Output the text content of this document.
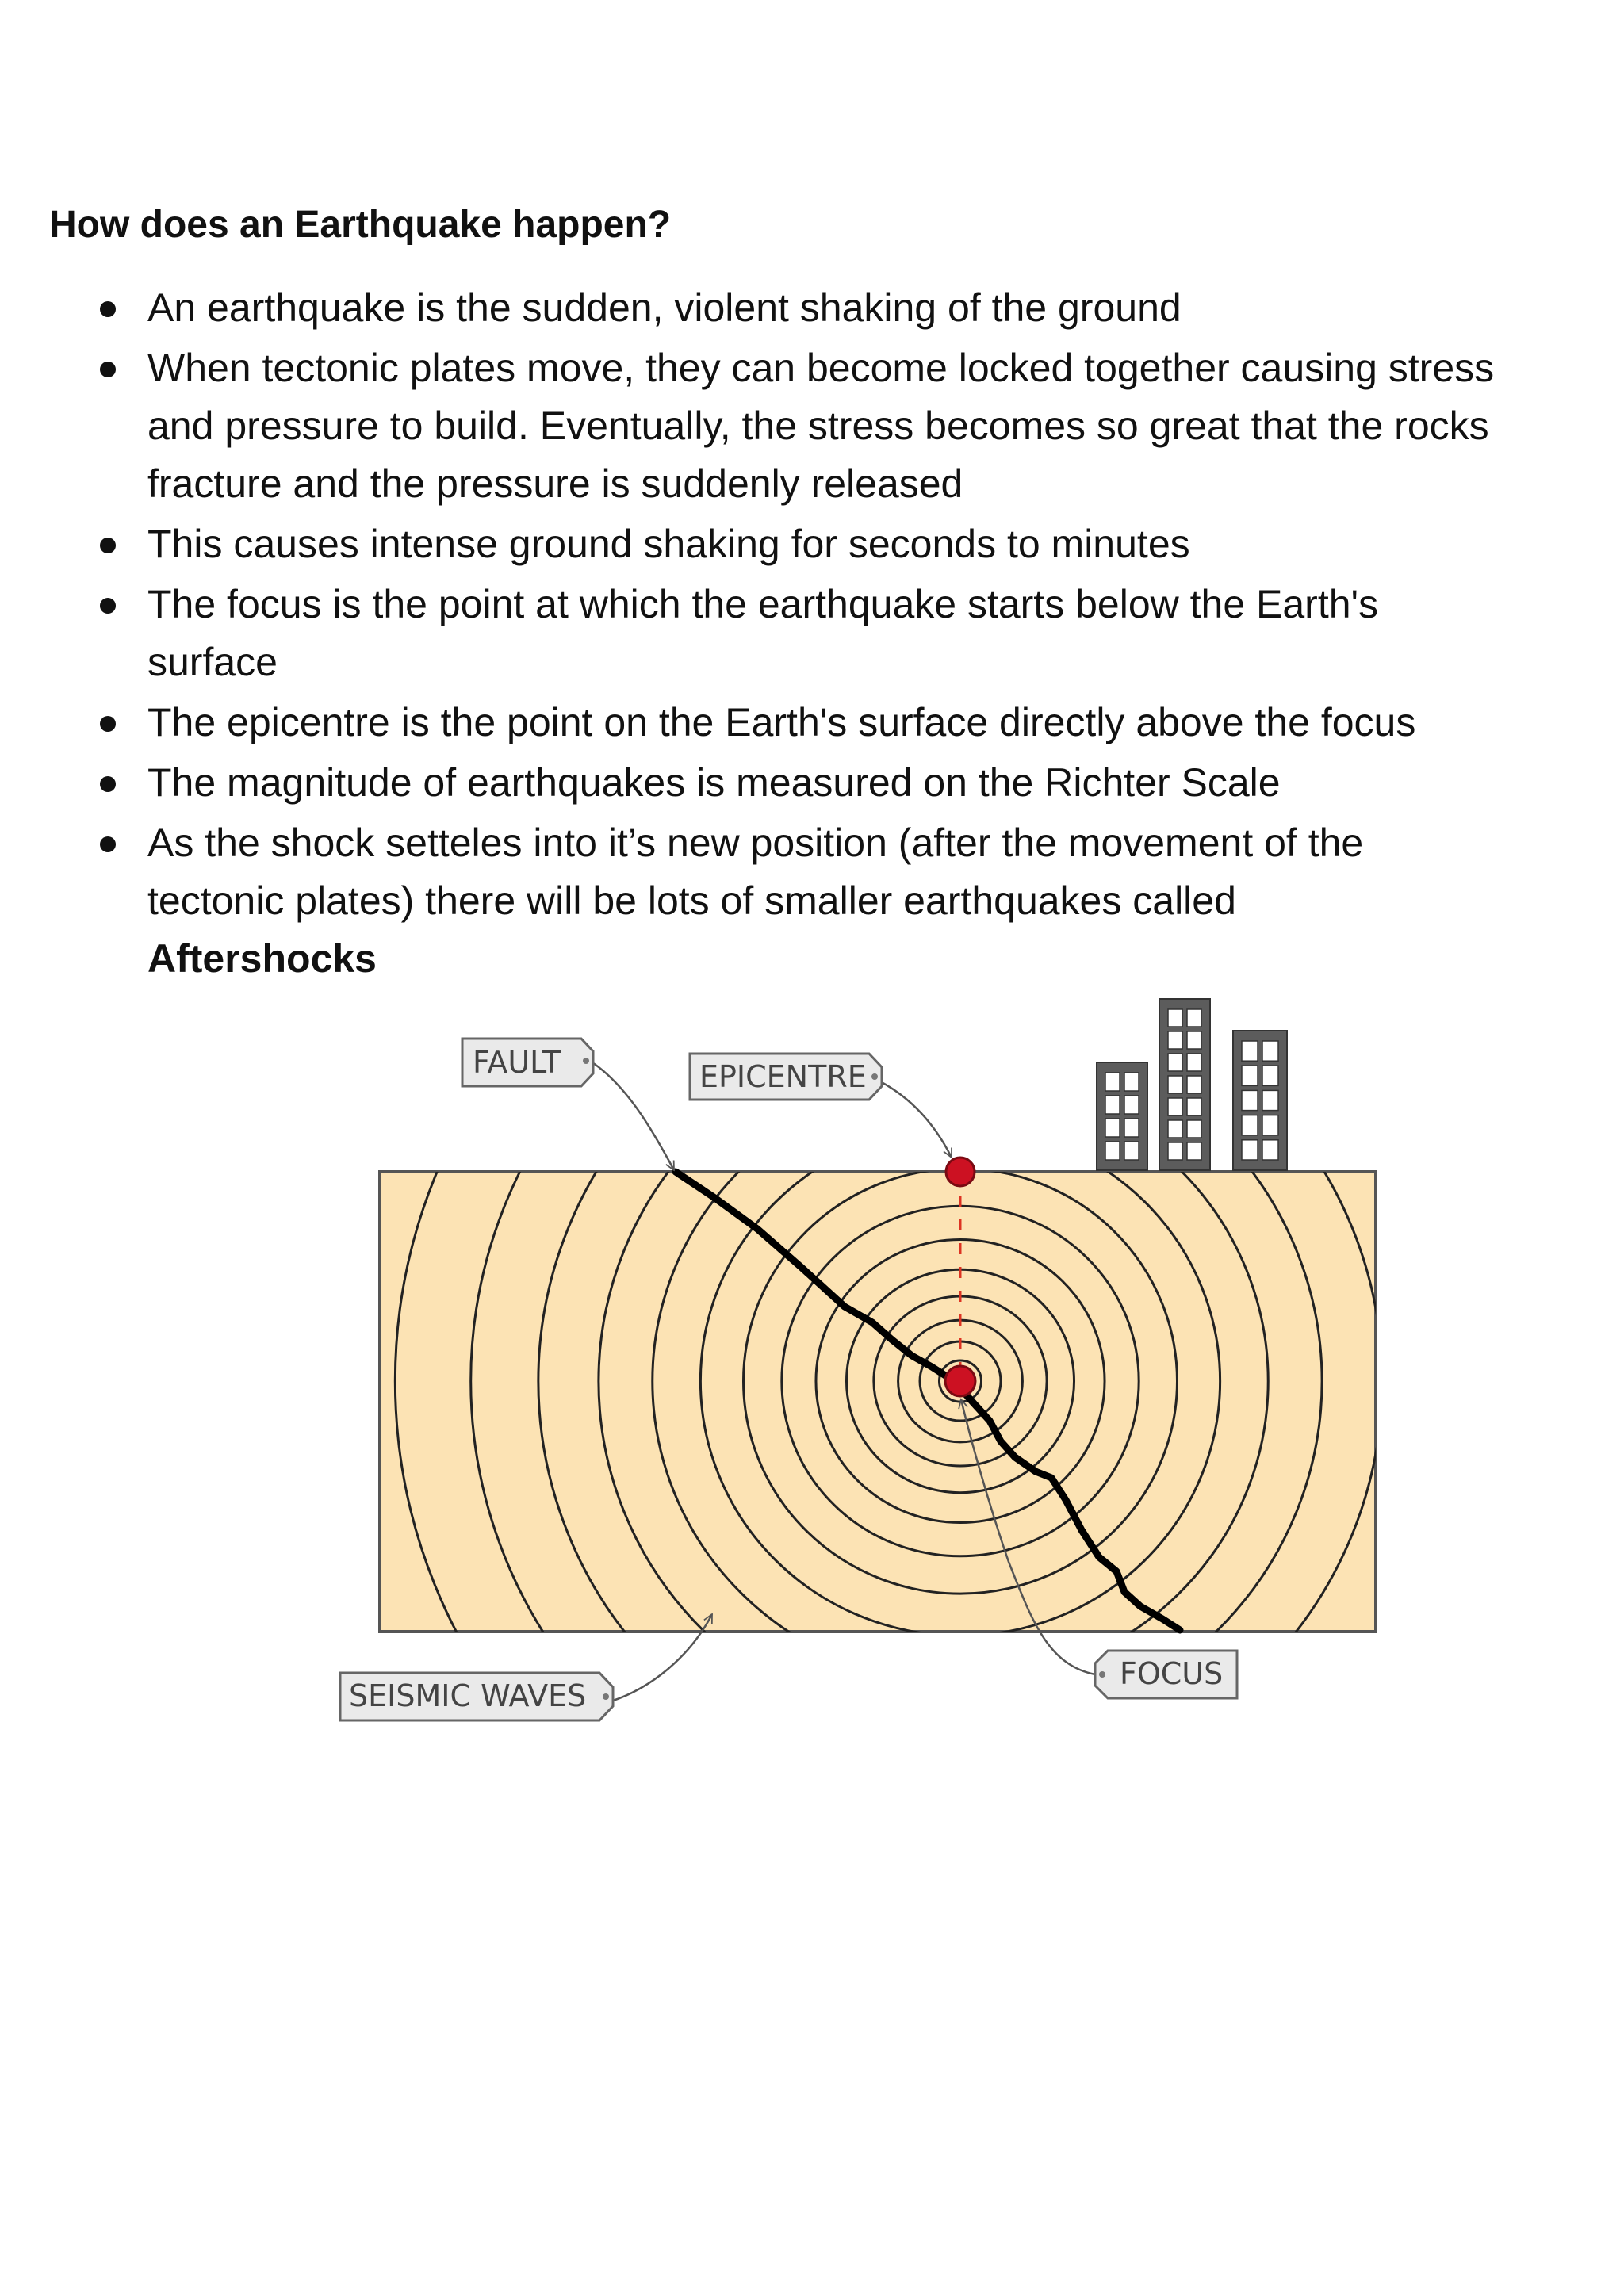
How does an Earthquake happen?
An earthquake is the sudden, violent shaking of the ground
When tectonic plates move, they can become locked together causing stress and pressure to build. Eventually, the stress becomes so great that the rocks fracture and the pressure is suddenly released
This causes intense ground shaking for seconds to minutes
The focus is the point at which the earthquake starts below the Earth's surface
The epicentre is the point on the Earth's surface directly above the focus
The magnitude of earthquakes is measured on the Richter Scale
As the shock setteles into it’s new position (after the movement of the tectonic plates) there will be lots of smaller earthquakes called
Aftershocks
FAULT	EPICENTRE
SEISMIC WAVES
FOCUS
